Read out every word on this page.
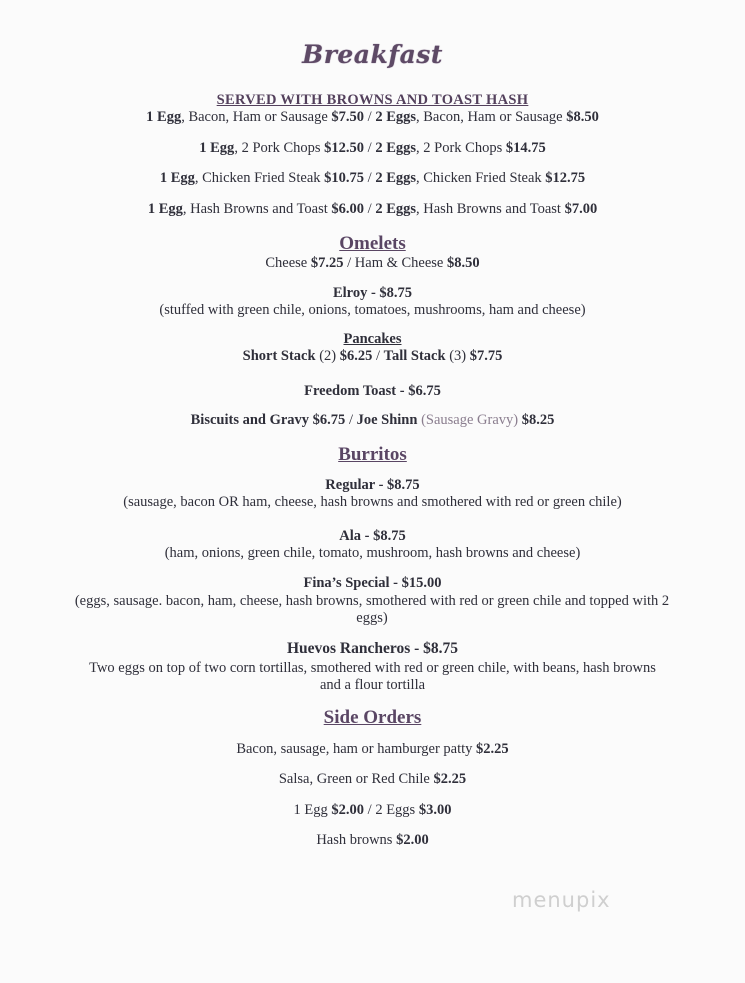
Breakfast
SERVED WITH BROWNS AND TOAST HASH
1 Egg, Bacon, Ham or Sausage $7.50 / 2 Eggs, Bacon, Ham or Sausage $8.50
1 Egg, 2 Pork Chops $12.50 / 2 Eggs, 2 Pork Chops $14.75
1 Egg, Chicken Fried Steak $10.75 / 2 Eggs, Chicken Fried Steak $12.75
1 Egg, Hash Browns and Toast $6.00 / 2 Eggs, Hash Browns and Toast $7.00
Omelets
Cheese $7.25 / Ham & Cheese $8.50
Elroy - $8.75
(stuffed with green chile, onions, tomatoes, mushrooms, ham and cheese)
Pancakes
Short Stack (2) $6.25 / Tall Stack (3) $7.75
Freedom Toast - $6.75
Biscuits and Gravy $6.75 / Joe Shinn (Sausage Gravy) $8.25
Burritos
Regular - $8.75
(sausage, bacon OR ham, cheese, hash browns and smothered with red or green chile)
Ala - $8.75
(ham, onions, green chile, tomato, mushroom, hash browns and cheese)
Fina’s Special - $15.00
(eggs, sausage. bacon, ham, cheese, hash browns, smothered with red or green chile and topped with 2 eggs)
Huevos Rancheros - $8.75
Two eggs on top of two corn tortillas, smothered with red or green chile, with beans, hash browns and a flour tortilla
Side Orders
Bacon, sausage, ham or hamburger patty $2.25
Salsa, Green or Red Chile $2.25
1 Egg $2.00 / 2 Eggs $3.00
Hash browns $2.00
menupix
